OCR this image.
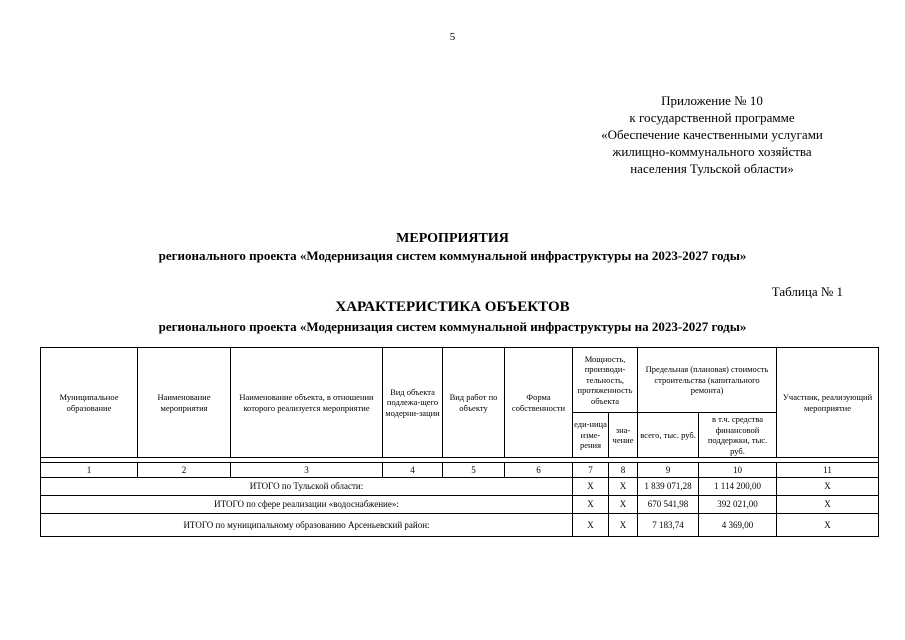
5
Приложение № 10
к государственной программе
«Обеспечение качественными услугами
жилищно-коммунального хозяйства
населения Тульской области»
МЕРОПРИЯТИЯ
регионального проекта «Модернизация систем коммунальной инфраструктуры на 2023-2027 годы»
Таблица № 1
ХАРАКТЕРИСТИКА ОБЪЕКТОВ
регионального проекта «Модернизация систем коммунальной инфраструктуры на 2023-2027 годы»
Муниципальное образование	Наименование мероприятия	Наименование объекта, в отношении которого реализуется мероприятие	Вид объекта подлежа-щего модерни-зации	Вид работ по объекту	Форма собственности	Мощность, производи-тельность, протяженность объекта		Предельная (плановая) стоимость строительства (капитального ремонта)		Участник, реализующий мероприятие
						еди-ница изме-рения	зна-чение	всего, тыс. руб.	в т.ч. средства финансовой поддержки, тыс. руб.	

1	2	3	4	5	6	7	8	9	10	11
ИТОГО по Тульской области:						Х	Х	1 839 071,28	1 114 200,00	Х
ИТОГО по сфере реализации «водоснабжение»:						Х	Х	670 541,98	392 021,00	Х
ИТОГО по муниципальному образованию Арсеньевский район:						Х	Х	7 183,74	4 369,00	Х
